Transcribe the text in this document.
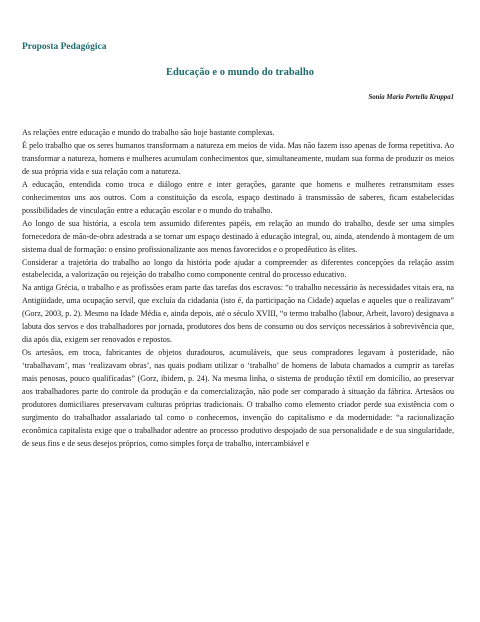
Proposta Pedagógica

Educação e o mundo do trabalho

Sonia Maria Portella Kruppa1

As relações entre educação e mundo do trabalho são hoje bastante complexas.

É pelo trabalho que os seres humanos transformam a natureza em meios de vida. Mas não fazem isso apenas de forma repetitiva. Ao transformar a natureza, homens e mulheres acumulam conhecimentos que, simultaneamente, mudam sua forma de produzir os meios de sua própria vida e sua relação com a natureza.

A educação, entendida como troca e diálogo entre e inter gerações, garante que homens e mulheres retransmitam esses conhecimentos uns aos outros. Com a constituição da escola, espaço destinado à transmissão de saberes, ficam estabelecidas possibilidades de vinculação entre a educação escolar e o mundo do trabalho.

Ao longo de sua história, a escola tem assumido diferentes papéis, em relação ao mundo do trabalho, desde ser uma simples fornecedora de mão-de-obra adestrada a se tornar um espaço destinado à educação integral, ou, ainda, atendendo à montagem de um sistema dual de formação: o ensino profissionalizante aos menos favorecidos e o propedêutico às elites.

Considerar a trajetória do trabalho ao longo da história pode ajudar a compreender as diferentes concepções da relação assim estabelecida, a valorização ou rejeição do trabalho como componente central do processo educativo.

Na antiga Grécia, o trabalho e as profissões eram parte das tarefas dos escravos: “o trabalho necessário às necessidades vitais era, na Antigüidade, uma ocupação servil, que excluía da cidadania (isto é, da participação na Cidade) aquelas e aqueles que o realizavam” (Gorz, 2003, p. 2). Mesmo na Idade Média e, ainda depois, até o século XVIII, “o termo trabalho (labour, Arbeit, lavoro) designava a labuta dos servos e dos trabalhadores por jornada, produtores dos bens de consumo ou dos serviços necessários à sobrevivência que, dia após dia, exigem ser renovados e repostos.

Os artesãos, em troca, fabricantes de objetos duradouros, acumuláveis, que seus compradores legavam à posteridade, não ‘trabalhavam’, mas ‘realizavam obras’, nas quais podiam utilizar o ‘trabalho’ de homens de labuta chamados a cumprir as tarefas mais penosas, pouco qualificadas” (Gorz, ibidem, p. 24). Na mesma linha, o sistema de produção têxtil em domicílio, ao preservar aos trabalhadores parte do controle da produção e da comercialização, não pode ser comparado à situação da fábrica. Artesãos ou produtores domiciliares preservavam culturas próprias tradicionais. O trabalho como elemento criador perde sua existência com o surgimento do trabalhador assalariado tal como o conhecemos, invenção do capitalismo e da modernidade: “a racionalização econômica capitalista exige que o trabalhador adentre ao processo produtivo despojado de sua personalidade e de sua singularidade, de seus fins e de seus desejos próprios, como simples força de trabalho, intercambiável e
